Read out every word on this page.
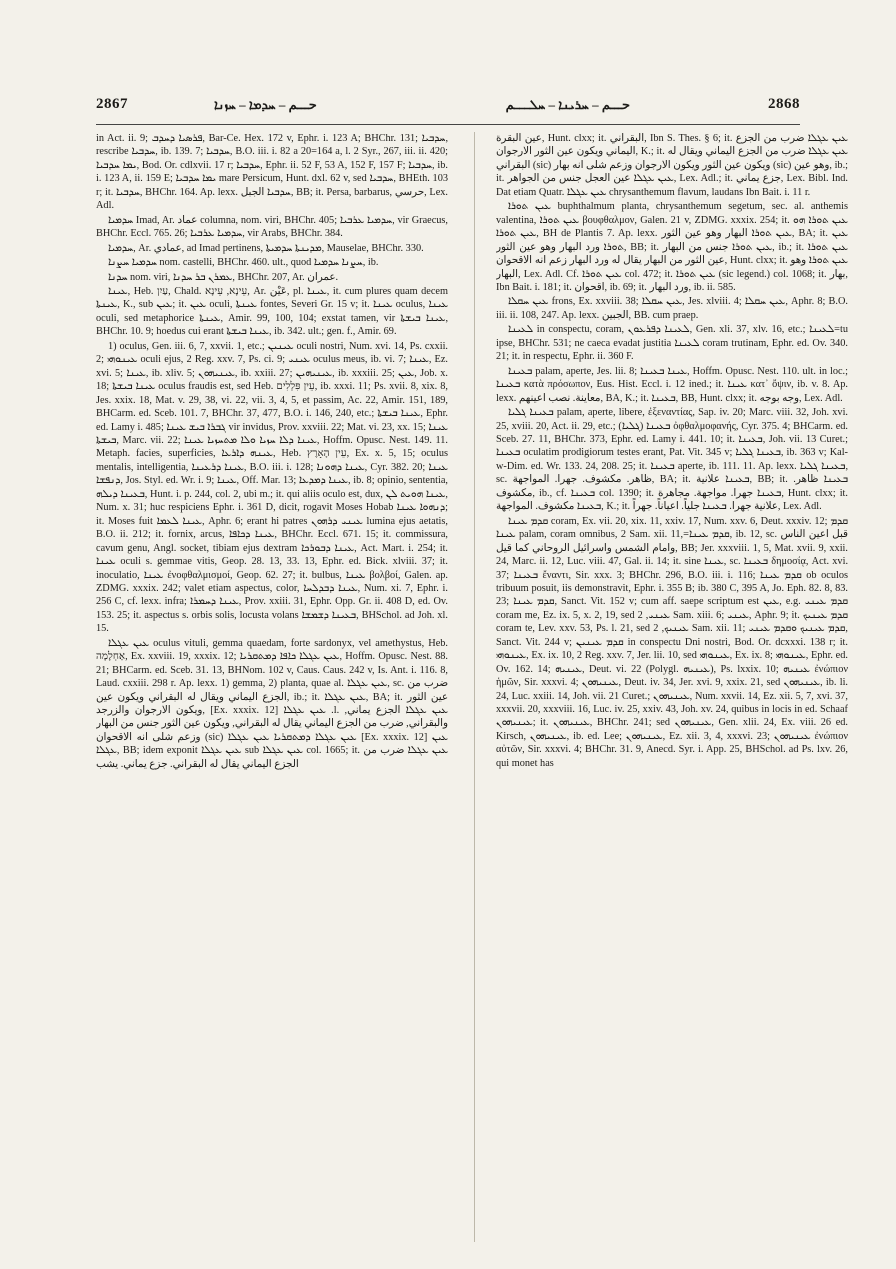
2867	حـــم – ܚܕܡܐ – ܚܙܢܐ	حـــم – ܚܪܝܢܐ – ܚܠـــم	2868

in Act. ii. 9; ܦܪܣܝܐ ܕܚܕܒ, Bar-Ce. Hex. 172 v, Ephr. i. 123 A; BHChr. 131; ܚܕܒܝܐ, rescribe ܚܕܒܝܐ, ib. 139. 7; ܚܕܒܝܐ, B.O. iii. i. 82 a 20=164 a, l. 2 Syr., 267, iii. ii. 420; ܝܡܐ ܚܕܒܝܐ, Bod. Or. cdlxvii. 17 r; ܚܕܒܝܐ, Ephr. ii. 52 F, 53 A, 152 F, 157 F; ܚܕܒܝܐ, ib. i. 123 A, ii. 159 E; ܝܡܐ ܚܕܒܝܐ mare Persicum, Hunt. dxl. 62 v, sed ܚܕܒܝܐ, BHEth. 103 r; it. ܚܕܒܝܐ, BHChr. 164. Ap. lexx. ܚܕܒܝܐ الجبل, BB; it. Persa, barbarus, حرسي, Lex. Adl.

ܚܕܡܝܐ Imad, Ar. عماد columna, nom. viri, BHChr. 405; ܚܕܡܝܐ ܥܪܒܝܐ, vir Graecus, BHChr. Eccl. 765. 26; ܚܕܡܝܐ ܥܪܒܝܐ, vir Arabs, BHChr. 384.

ܚܕܡܝܐ, Ar. عمادي, ad Imad pertinens, ܡܕܝܢܬܐ ܚܕܡܝܬܐ, Mauselae, BHChr. 330.

ܚܕܡܝܐ ܚܨܢܐ nom. castelli, BHChr. 460. ult., quod ܚܨܢܐ ܚܕܡܝܐ, ib.

ܚܕܢܐ nom. viri, ܥܡܪܢ ܒܪ ܚܕܢܐ, BHChr. 207, Ar. عمران.

ܥܝܢܐ, Heb. עַיִן, Chald. עֵינָא, עֵינָא, Ar. عَيْن, pl. ܥܝܢܐ, it. cum plures quam decem ܥܝܢܬܐ, K., sub ܥܝܢ; it. ܥܝܢ oculi, ܥܝܢܬܐ fontes, Severi Gr. 15 v; it. ܥܝܢܐ oculus, ܥܝܢܐ oculi, sed metaphorice ܥܝܢܬܐ, Amir. 99, 100, 104; exstat tamen, vir ܥܝܢܐ ܒܝܫܬܐ, BHChr. 10. 9; hoedus cui erant ܥܝܢܐ ܒܝܫܬܐ, ib. 342. ult.; gen. f., Amir. 69.

1) oculus, Gen. iii. 6, 7, xxvii. 1, etc.; ܥܝܢܝܢ oculi nostri, Num. xvi. 14, Ps. cxxii. 2; ܥܝܢܘܗܝ oculi ejus, 2 Reg. xxv. 7, Ps. ci. 9; ܥܝܢܝ oculus meus, ib. vi. 7; ܥܝܢܐ, Ez. xvi. 5; ܥܝܢܐ, ib. xliv. 5; ܥܝܢܝܗܘܢ, ib. xxiii. 27; ܥܝܢܝܗܝܢ, ib. xxxiii. 25; ܥܝܢ, Job. x. 18; ܥܝܢܐ ܒܝܫܬܐ oculus fraudis est, sed Heb. עֵין פִּלְלִים, ib. xxxi. 11; Ps. xvii. 8, xix. 8, Jes. xxix. 18, Mat. v. 29, 38, vi. 22, vii. 3, 4, 5, et passim, Ac. 22, Amir. 151, 189, BHCarm. ed. Sceb. 101. 7, BHChr. 37, 477, B.O. i. 146, 240, etc.; ܥܝܢܐ ܒܝܫܬܐ, Ephr. ed. Lamy i. 485; ܓܒܪܐ ܒܝܫ ܥܝܢܐ vir invidus, Prov. xxviii. 22; Mat. vi. 23, xx. 15; ܥܝܢܐ ܒܝܫܬܐ, Marc. vii. 22; ܥܝܢܐ ܕܠܐ ܚܙܝܐ ܘܠܐ ܡܬܚܙܝܐ ܥܝܢܐ, Hoffm. Opusc. Nest. 149. 11. Metaph. facies, superficies, ܥܝܢܗ ܕܐܪܥܐ, Heb. עֵין הָאָרֶץ, Ex. x. 5, 15; oculus mentalis, intelligentia, ܥܝܢܐ ܕܪܥܝܢܐ, B.O. iii. i. 128; ܥܝܢܐ ܕܗܘܢܐ, Cyr. 382. 20; ܥܝܢܐ ܕܢܦܫܐ, Jos. Styl. ed. Wr. i. 9; ܥܝܢܐ, Off. Mar. 13; ܥܝܢܐ ܕܡܕܥܐ, ib. 8; opinio, sententia, ܒܥܝܢܐ ܕܝܠܗ, Hunt. i. p. 244, col. 2, ubi m.; it. qui aliis oculo est, dux, ܥܝܢܐ ܗܘܝܬ ܠܢ, Num. x. 31; huc respiciens Ephr. i. 361 D, dicit, rogavit Moses Hobab ܕܢܗܘܐ ܥܝܢܐ; it. Moses fuit ܥܝܢܐ ܠܥܡܐ, Aphr. 6; erant hi patres ܥܝܢܝ ܕܪܗܘܢ lumina ejus aetatis, B.O. ii. 212; it. fornix, arcus, ܥܝܢܐ ܕܟܐܦܐ, BHChr. Eccl. 671. 15; it. commissura, cavum genu, Angl. socket, tibiam ejus dextram ܥܝܢܐ ܕܒܘܪܟܐ, Act. Mart. i. 254; it. ܥܝܢܐ oculi s. gemmae vitis, Geop. 28. 13, 33. 13, Ephr. ed. Bick. xlviii. 37; it. inoculatio, ܥܝܢܐ ἐνοφθαλμισμοί, Geop. 62. 27; it. bulbus, ܥܝܢܐ βολβοί, Galen. ap. ZDMG. xxxix. 242; valet etiam aspectus, color, ܥܝܢܐ ܕܒܕܠܚܐ, Num. xi. 7, Ephr. i. 256 C, cf. lexx. infra; ܥܝܢܐ ܕܚܡܪܐ, Prov. xxiii. 31, Ephr. Opp. Gr. ii. 408 D, ed. Ov. 153. 25; it. aspectus s. orbis solis, locusta volans ܒܥܝܢܐ ܕܫܡܫܐ, BHSchol. ad Joh. xl. 15.

ܥܝܢ ܥܓܠܐ oculus vituli, gemma quaedam, forte sardonyx, vel amethystus, Heb. אַחְלָמָה, Ex. xxviii. 19, xxxix. 12; ܥܝܢ ܥܓܠܐ ܟܐܦܐ ܕܡܬܩܪܝܐ, Hoffm. Opusc. Nest. 88. 21; BHCarm. ed. Sceb. 31. 13, BHNom. 102 v, Caus. Caus. 242 v, Is. Ant. i. 116. 8, Laud. cxxiii. 298 r. Ap. lexx. 1) gemma, 2) planta, quae al. ܥܝܢ ܥܓܠܐ, sc. ضرب من الجزع اليماني ويقال له البقراني ويكون عين, ib.; it. ܥܝܢ ܥܓܠܐ, BA; it. عين الثور ويكون الارجوان والزرجد, [Ex. xxxix. 12] ܥܝܢ ܥܓܠܐ .l. ܥܝܢ ܥܓܠܐ الجزع يماني, والبقراني, ضرب من الجزع اليماني يقال له البقراني, ويكون عين الثور جنس من البهار وزعم شلى انه الاقحوان (sic) ܥܝܢ ܥܓܠܐ ܕܡܬܩܪܝܐ ܥܝܢ ܥܓܠܐ [Ex. xxxix. 12] ܥܝܢ ܥܓܠܐ, BB; idem exponit ܥܝܢ ܥܓܠܐ sub ܥܝܢ ܥܓܠܐ col. 1665; it. ܥܝܢ ܥܓܠܐ ضرب من الجزع اليماني يقال له البقراني. جزع يماني. يشب

عين البقرة, Hunt. clxx; it. البقراني, Ibn S. Thes. § 6; it. ܥܝܢ ܥܓܠܐ ضرب من الجزع اليماني ويكون عين الثور الارجوان, K.; it. ܥܝܢ ܥܓܠܐ ضرب من الجزع اليماني ويقال له البقراني (sic) ويكون عين الثور ويكون الارجوان وزعم شلى انه بهار (sic) وهو عين, ib.; it. ܥܝܢ ܥܓܠܐ عين العجل جنس من الجواهر, Lex. Adl.; it. جزع يماني, Lex. Bibl. Ind. Dat etiam Quatr. ܥܝܢ ܥܓܠܐ chrysanthemum flavum, laudans Ibn Bait. i. 11 r.

ܥܝܢ ܬܘܪܐ buphthalmum planta, chrysanthemum segetum, sec. al. anthemis valentina, ܥܝܢ ܬܘܪܐ βουφθαλμον, Galen. 21 v, ZDMG. xxxix. 254; it. ܥܝܢ ܬܘܪܐ ܗܘ ܥܝܢ ܬܘܪܐ, BH de Plantis 7. Ap. lexx. ܥܝܢ ܬܘܪܐ البهار وهو عين الثور, BA; it. ܥܝܢ ܬܘܪܐ ورد البهار وهو عين الثور, BB; it. ܥܝܢ ܬܘܪܐ جنس من البهار, ib.; it. ܥܝܢ ܬܘܪܐ عين الثور من البهار يقال له ورد البهار زعم انه الاقحوان, Hunt. clxx; it. ܥܝܢ ܬܘܪܐ وهو البهار, Lex. Adl. Cf. ܥܝܢ ܬܘܪܐ col. 472; it. ܥܝܢ ܬܘܪܐ (sic legend.) col. 1068; it. بهار, Ibn Bait. i. 181; it. اقحوان, ib. 69; it. ورد البهار, ib. ii. 585.

ܥܝܢ ܚܩܠܐ frons, Ex. xxviii. 38; ܥܝܢ ܚܩܠܐ, Jes. xlviii. 4; ܥܝܢ ܚܩܠܐ, Aphr. 8; B.O. iii. ii. 108, 247. Ap. lexx. الجبين, BB. cum praep.

ܠܥܝܢܐ in conspectu, coram, ܠܥܝܢܐ ܕܦܪܥܘܢ, Gen. xli. 37, xlv. 16, etc.; ܠܥܝܢܐ=tu ipse, BHChr. 531; ne caeca evadat justitia ܠܥܝܢܐ coram trutinam, Ephr. ed. Ov. 340. 21; it. in respectu, Ephr. ii. 360 F.

ܒܥܝܢܐ palam, aperte, Jes. lii. 8; ܥܝܢܐ ܒܥܝܢܐ, Hoffm. Opusc. Nest. 110. ult. in loc.; ܒܥܝܢܐ κατὰ πρόσωπον, Eus. Hist. Eccl. i. 12 ined.; it. ܥܝܢܐ κατ᾽ ὄψιν, ib. v. 8. Ap. lexx. معاينة. نصب اعينهم, BA, K.; it. ܒܥܝܢܐ, BB, Hunt. clxx; it. وجه بوجه, Lex. Adl.

ܒܥܝܢܐ ܓܠܝܐ palam, aperte, libere, ἐξεναντίας, Sap. iv. 20; Marc. viii. 32, Joh. xvi. 25, xviii. 20, Act. ii. 29, etc.; ܒܥܝܢܐ (ܓܠܝܐ) ὀφθαλμοφανής, Cyr. 375. 4; BHCarm. ed. Sceb. 27. 11, BHChr. 373, Ephr. ed. Lamy i. 441. 10; it. ܒܥܝܢܐ, Joh. vii. 13 Curet.; ܒܥܝܢܐ oculatim prodigiorum testes erant, Pat. Vit. 345 v; ܒܥܝܢܐ ܓܠܝܐ, ib. 363 v; Kal-w-Dim. ed. Wr. 133. 24, 208. 25; it. ܒܥܝܢܐ aperte, ib. 111. 11. Ap. lexx. ܒܥܝܢܐ ܓܠܝܐ, sc. ظاهر. مكشوف. جهرا. المواجهة, BA; it. ܒܥܝܢܐ علانية, BB; it. ܒܥܝܢܐ ظاهر. مكشوف, ib., cf. ܒܥܝܢܐ col. 1390; it. ܒܥܝܢܐ جهرا. مواجهة. مجاهرة, Hunt. clxx; it. ܒܥܝܢܐ مكشوف. المواجهة, K.; it. علانية جهرا. ܒܥܝܢܐ جلياً. اعياناً. جهراً, Lex. Adl.

ܩܕܡ ܥܝܢܐ coram, Ex. vii. 20, xix. 11, xxiv. 17, Num. xxv. 6, Deut. xxxiv. 12; ܩܕܡ ܥܝܢܐ palam, coram omnibus, 2 Sam. xii. 11,=ܩܕܡ ܥܝܢܐ, ib. 12, sc. قبل اعين الناس وامام الشمس واسرائيل الروحاني كما قيل, BB; Jer. xxxviii. 1, 5, Mat. xvii. 9, xxii. 24, Marc. ii. 12, Luc. viii. 47, Gal. ii. 14; it. sine ܥܝܢܐ, sc. ܒܥܝܢܐ δημοσίᾳ, Act. xvi. 37; ܒܥܝܢܐ ἔναντι, Sir. xxx. 3; BHChr. 296, B.O. iii. i. 116; ܩܕܡ ܥܝܢܐ ob oculos tribuum posuit, iis demonstravit, Ephr. i. 355 B; ib. 380 C, 395 A, Jo. Eph. 82. 8, 83. 23; ܩܕܡ ܥܝܢܐ, Sanct. Vit. 152 v; cum aff. saepe scriptum est ܥܝܢ, e.g. ܩܕܡ ܥܝܢܝ coram me, Ez. ix. 5, x. 2, 19, sed ܥܝܢܝ, 2 Sam. xiii. 6; ܥܝܢܝ, Aphr. 9; it. ܩܕܡ ܥܝܢܝܟ coram te, Lev. xxv. 53, Ps. l. 21, sed ܥܝܢܝܟ, 2 Sam. xii. 11; ܩܕܡ ܥܝܢܝܟ ܘܩܕܡ ܥܝܢܝ, Sanct. Vit. 244 v; ܩܕܡ ܥܝܢܝܢ in conspectu Dni nostri, Bod. Or. dcxxxi. 138 r; it. ܥܝܢܘܗܝ, Ex. ix. 10, 2 Reg. xxv. 7, Jer. lii. 10, sed ܥܝܢܘܗܝ, Ex. ix. 8; ܥܝܢܘܗܝ, Ephr. ed. Ov. 162. 14; ܥܝܢܝܗ, Deut. vi. 22 (Polygl. ܥܝܢܝܗ), Ps. lxxix. 10; ܥܝܢܝܗ ἐνώπιον ἡμῶν, Sir. xxxvi. 4; ܥܝܢܝܗܘܢ, Deut. iv. 34, Jer. xvi. 9, xxix. 21, sed ܥܝܢܝܗܘܢ, ib. li. 24, Luc. xxiii. 14, Joh. vii. 21 Curet.; ܥܝܢܝܗܘܢ, Num. xxvii. 14, Ez. xii. 5, 7, xvi. 37, xxxvii. 20, xxxviii. 16, Luc. iv. 25, xxiv. 43, Joh. xv. 24, quibus in locis in ed. Schaaf ܥܝܢܝܗܘܢ; it. ܥܝܢܝܗܘܢ, BHChr. 241; sed ܥܝܢܝܗܘܢ, Gen. xlii. 24, Ex. viii. 26 ed. Kirsch, ܥܝܢܝܗܘܢ, ib. ed. Lee; ܥܝܢܝܗܘܢ, Ez. xii. 3, 4, xxxvi. 23; ܥܝܢܝܗܘܢ ἐνώπιον αὐτῶν, Sir. xxxvi. 4; BHChr. 31. 9, Anecd. Syr. i. App. 25, BHSchol. ad Ps. lxv. 26, qui monet has
